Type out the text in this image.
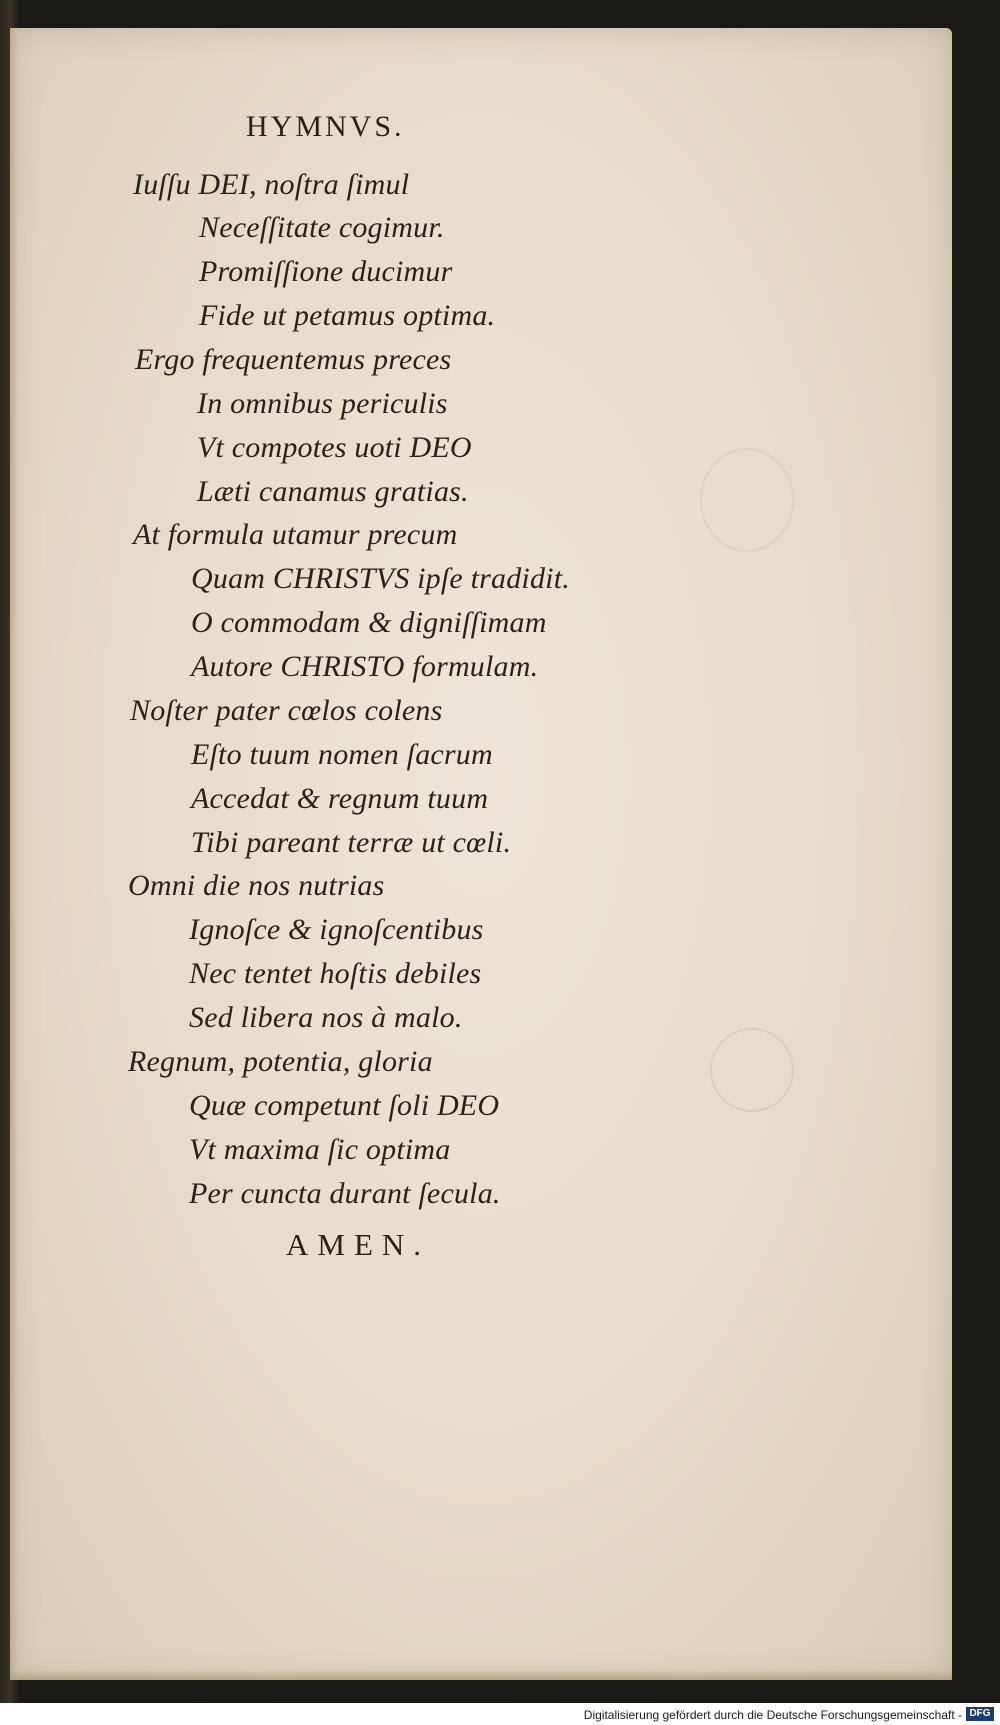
HYMNVS.
Iuſſu DEI, noſtra ſimul
Neceſſitate cogimur.
Promiſſione ducimur
Fide ut petamus optima.
Ergo frequentemus preces
In omnibus periculis
Vt compotes uoti DEO
Læti canamus gratias.
At formula utamur precum
Quam CHRISTVS ipſe tradidit.
O commodam & digniſſimam
Autore CHRISTO formulam.
Noſter pater cœlos colens
Eſto tuum nomen ſacrum
Accedat & regnum tuum
Tibi pareant terræ ut cœli.
Omni die nos nutrias
Ignoſce & ignoſcentibus
Nec tentet hoſtis debiles
Sed libera nos à malo.
Regnum, potentia, gloria
Quæ competunt ſoli DEO
Vt maxima ſic optima
Per cuncta durant ſecula.
AMEN.
Digitalisierung gefördert durch die Deutsche Forschungsgemeinschaft - DFG
